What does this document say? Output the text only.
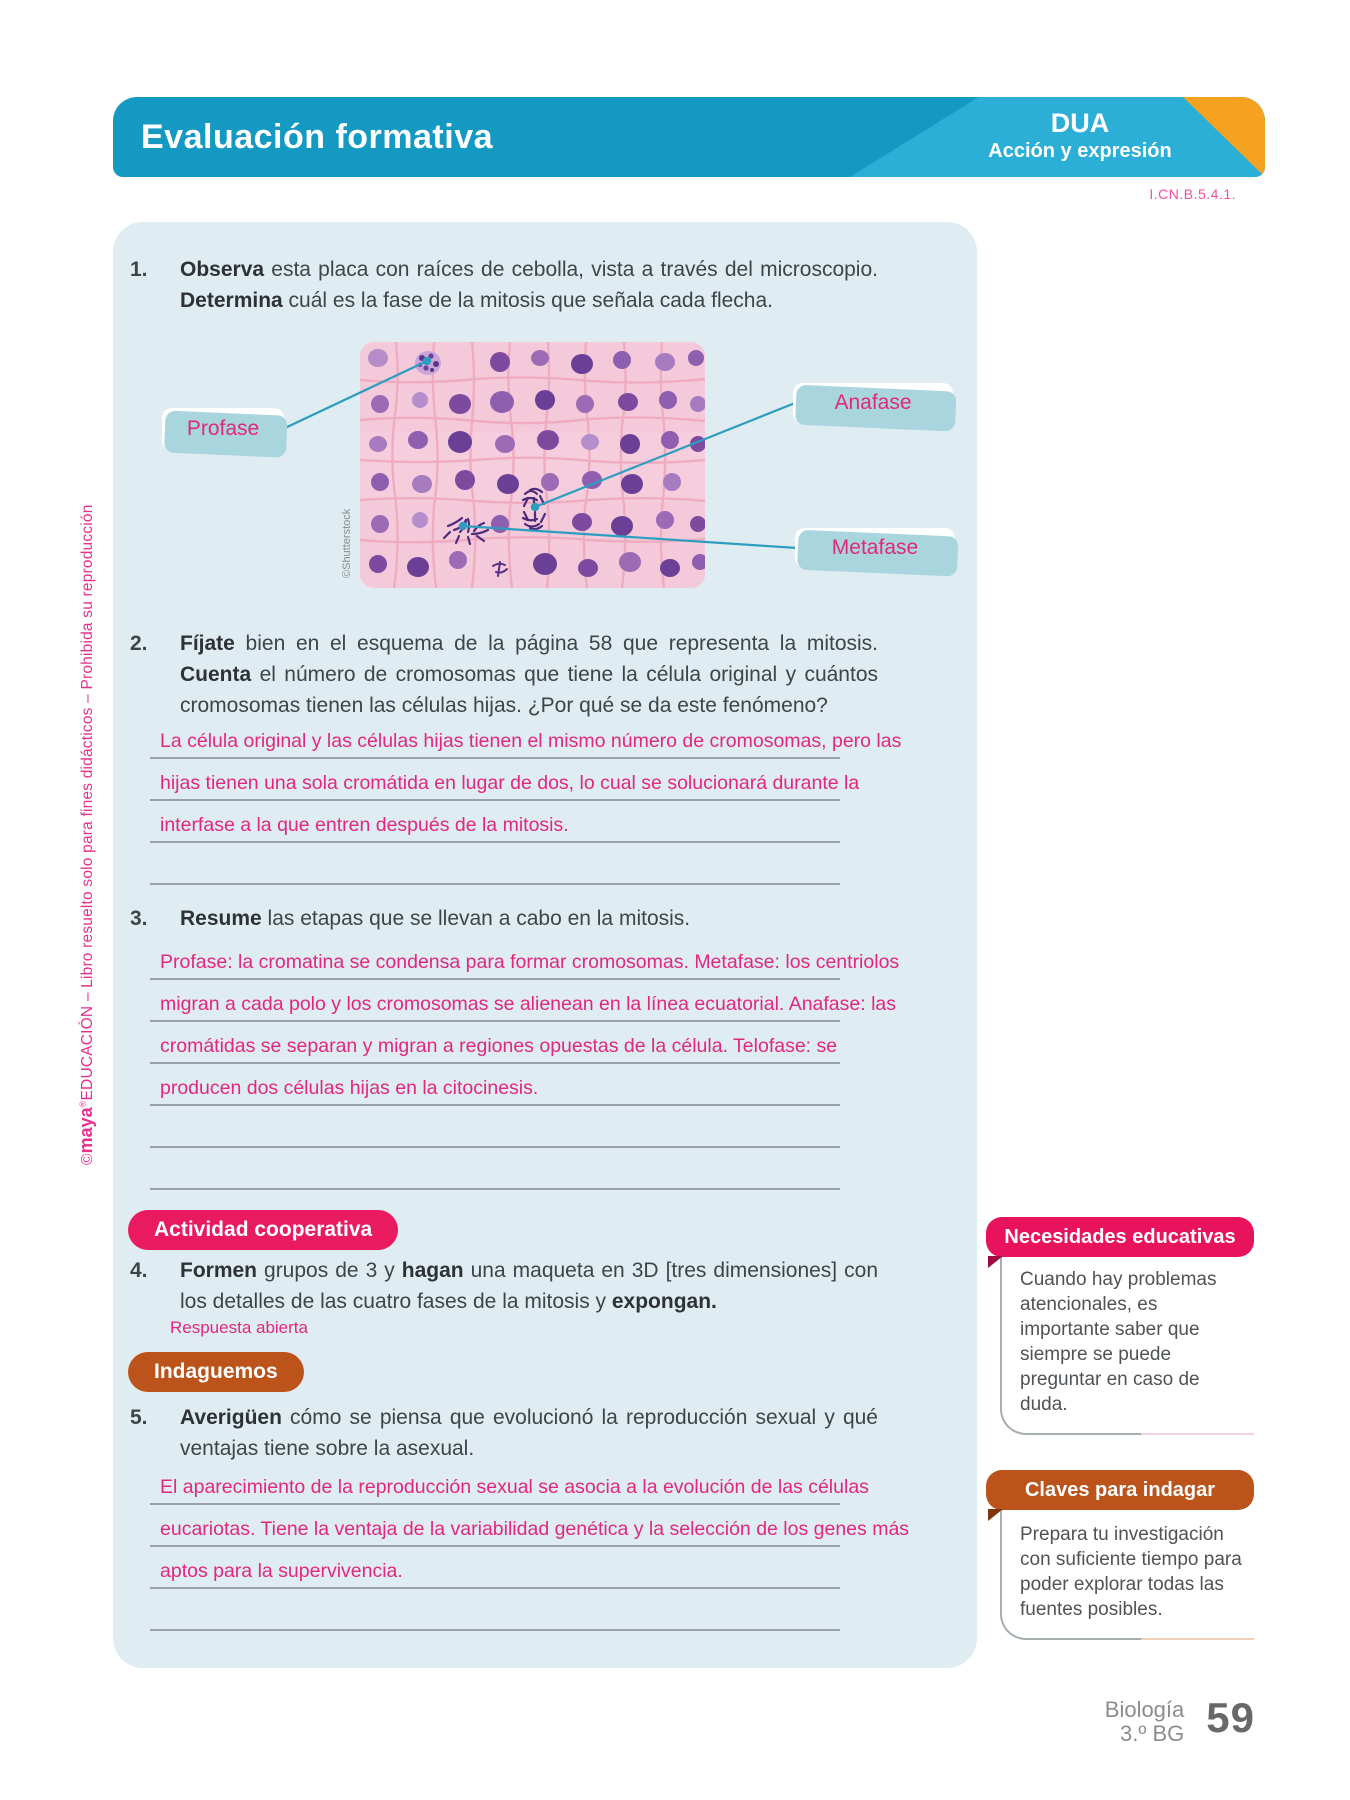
©maya®EDUCACIÓN – Libro resuelto solo para fines didácticos – Prohibida su reproducción
Evaluación formativa	DUA
Acción y expresión
I.CN.B.5.4.1.
1. Observa esta placa con raíces de cebolla, vista a través del microscopio. Determina cuál es la fase de la mitosis que señala cada flecha.

©Shutterstock
Profase
Anafase
Metafase
2. Fíjate bien en el esquema de la página 58 que representa la mitosis. Cuenta el número de cromosomas que tiene la célula original y cuántos cromosomas tienen las células hijas. ¿Por qué se da este fenómeno?

La célula original y las células hijas tienen el mismo número de cromosomas, pero las
hijas tienen una sola cromátida en lugar de dos, lo cual se solucionará durante la
interfase a la que entren después de la mitosis.
3. Resume las etapas que se llevan a cabo en la mitosis.

Profase: la cromatina se condensa para formar cromosomas. Metafase: los centriolos
migran a cada polo y los cromosomas se alienean en la línea ecuatorial. Anafase: las
cromátidas se separan y migran a regiones opuestas de la célula. Telofase: se
producen dos células hijas en la citocinesis.
Actividad cooperativa
4. Formen grupos de 3 y hagan una maqueta en 3D [tres dimensiones] con los detalles de las cuatro fases de la mitosis y expongan.

Respuesta abierta
Indaguemos
5. Averigüen cómo se piensa que evolucionó la reproducción sexual y qué ventajas tiene sobre la asexual.

El aparecimiento de la reproducción sexual se asocia a la evolución de las células
eucariotas. Tiene la ventaja de la variabilidad genética y la selección de los genes más
aptos para la supervivencia.
Necesidades educativas
Cuando hay problemas atencionales, es importante saber que siempre se puede preguntar en caso de duda.
Claves para indagar
Prepara tu investigación con suficiente tiempo para poder explorar todas las fuentes posibles.
Biología
3.º BG 59
